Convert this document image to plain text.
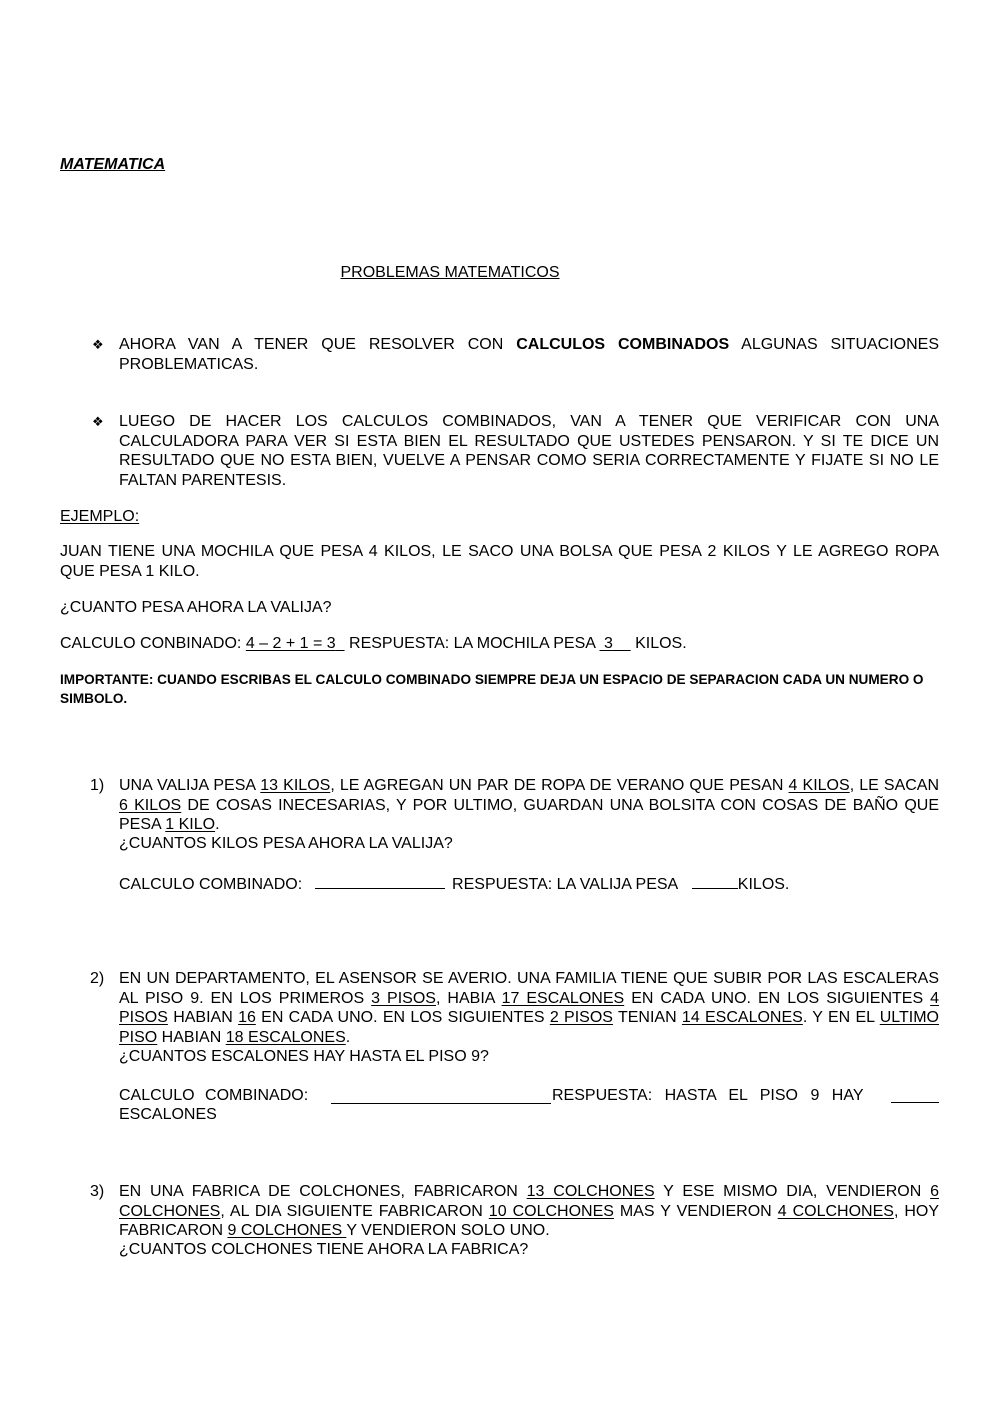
MATEMATICA
PROBLEMAS MATEMATICOS
❖ AHORA VAN A TENER QUE RESOLVER CON CALCULOS COMBINADOS ALGUNAS SITUACIONES PROBLEMATICAS.
❖ LUEGO DE HACER LOS CALCULOS COMBINADOS, VAN A TENER QUE VERIFICAR CON UNA CALCULADORA PARA VER SI ESTA BIEN EL RESULTADO QUE USTEDES PENSARON. Y SI TE DICE UN RESULTADO QUE NO ESTA BIEN, VUELVE A PENSAR COMO SERIA CORRECTAMENTE Y FIJATE SI NO LE FALTAN PARENTESIS.
EJEMPLO:
JUAN TIENE UNA MOCHILA QUE PESA 4 KILOS, LE SACO UNA BOLSA QUE PESA 2 KILOS Y LE AGREGO ROPA QUE PESA 1 KILO.
¿CUANTO PESA AHORA LA VALIJA?
CALCULO CONBINADO: 4 – 2 + 1 = 3 RESPUESTA: LA MOCHILA PESA 3 KILOS.
IMPORTANTE: CUANDO ESCRIBAS EL CALCULO COMBINADO SIEMPRE DEJA UN ESPACIO DE SEPARACION CADA UN NUMERO O SIMBOLO.
1) UNA VALIJA PESA 13 KILOS, LE AGREGAN UN PAR DE ROPA DE VERANO QUE PESAN 4 KILOS, LE SACAN 6 KILOS DE COSAS INECESARIAS, Y POR ULTIMO, GUARDAN UNA BOLSITA CON COSAS DE BAÑO QUE PESA 1 KILO.
¿CUANTOS KILOS PESA AHORA LA VALIJA?
CALCULO COMBINADO:	RESPUESTA: LA VALIJA PESA	KILOS.
2) EN UN DEPARTAMENTO, EL ASENSOR SE AVERIO. UNA FAMILIA TIENE QUE SUBIR POR LAS ESCALERAS AL PISO 9. EN LOS PRIMEROS 3 PISOS, HABIA 17 ESCALONES EN CADA UNO. EN LOS SIGUIENTES 4 PISOS HABIAN 16 EN CADA UNO. EN LOS SIGUIENTES 2 PISOS TENIAN 14 ESCALONES. Y EN EL ULTIMO PISO HABIAN 18 ESCALONES.
¿CUANTOS ESCALONES HAY HASTA EL PISO 9?
CALCULO COMBINADO:	RESPUESTA: HASTA EL PISO 9 HAY
ESCALONES
3) EN UNA FABRICA DE COLCHONES, FABRICARON 13 COLCHONES Y ESE MISMO DIA, VENDIERON 6 COLCHONES, AL DIA SIGUIENTE FABRICARON 10 COLCHONES MAS Y VENDIERON 4 COLCHONES, HOY FABRICARON 9 COLCHONES Y VENDIERON SOLO UNO.
¿CUANTOS COLCHONES TIENE AHORA LA FABRICA?
